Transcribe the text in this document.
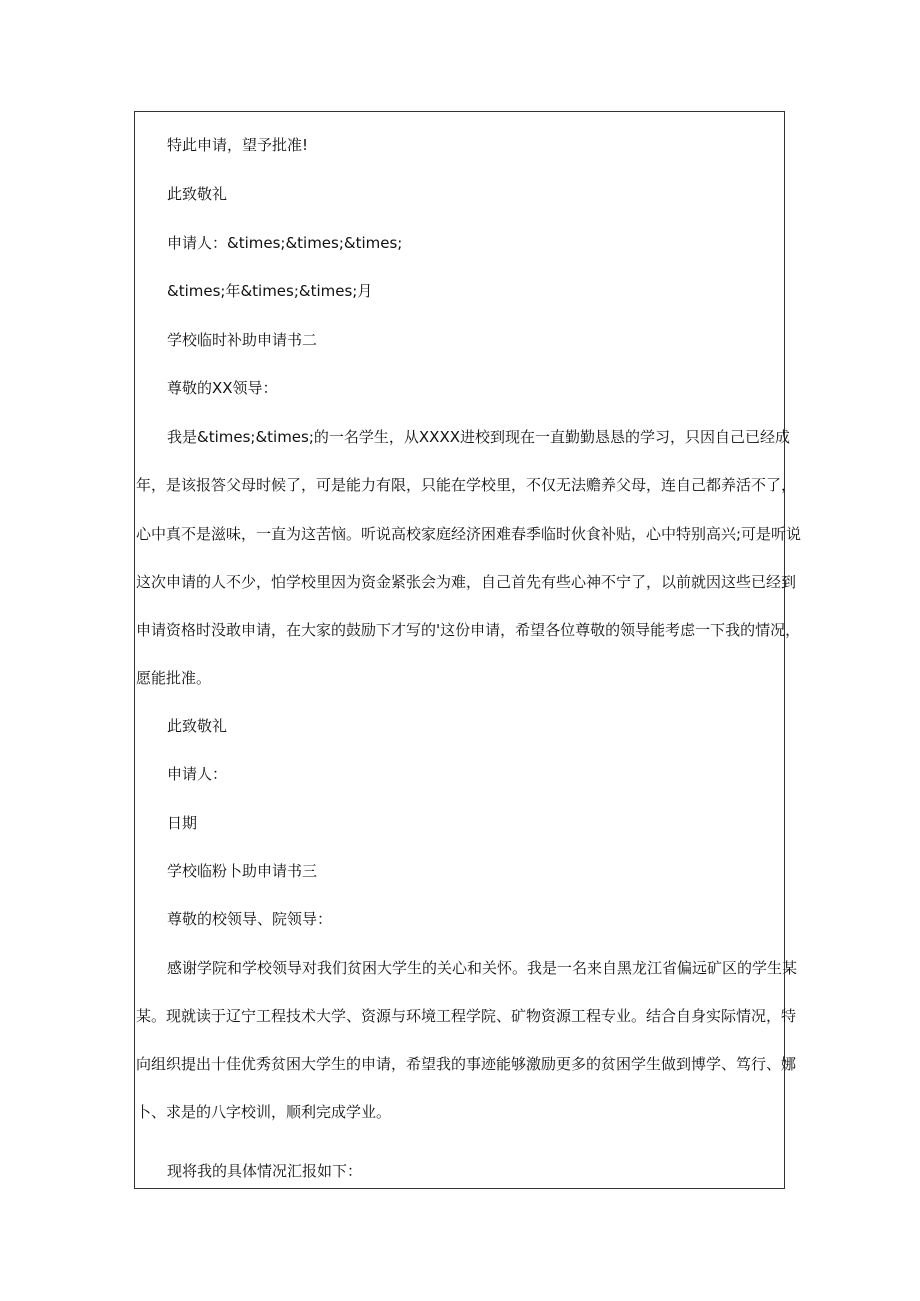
特此申请，望予批准!
此致敬礼
申请人：&times;&times;&times;
&times;年&times;&times;月
学校临时补助申请书二
尊敬的XX领导：
我是&times;&times;的一名学生，从XXXX进校到现在一直勤勤恳恳的学习，只因自己已经成
年，是该报答父母时候了，可是能力有限，只能在学校里，不仅无法赡养父母，连自己都养活不了，
心中真不是滋味，一直为这苦恼。听说高校家庭经济困难春季临时伙食补贴，心中特别高兴;可是听说
这次申请的人不少，怕学校里因为资金紧张会为难，自己首先有些心神不宁了，以前就因这些已经到
申请资格时没敢申请，在大家的鼓励下才写的'这份申请，希望各位尊敬的领导能考虑一下我的情况，
愿能批准。
此致敬礼
申请人：
日期
学校临粉卜助申请书三
尊敬的校领导、院领导：
感谢学院和学校领导对我们贫困大学生的关心和关怀。我是一名来自黑龙江省偏远矿区的学生某
某。现就读于辽宁工程技术大学、资源与环境工程学院、矿物资源工程专业。结合自身实际情况，特
向组织提出十佳优秀贫困大学生的申请，希望我的事迹能够激励更多的贫困学生做到博学、笃行、娜
卜、求是的八字校训，顺利完成学业。
现将我的具体情况汇报如下：
